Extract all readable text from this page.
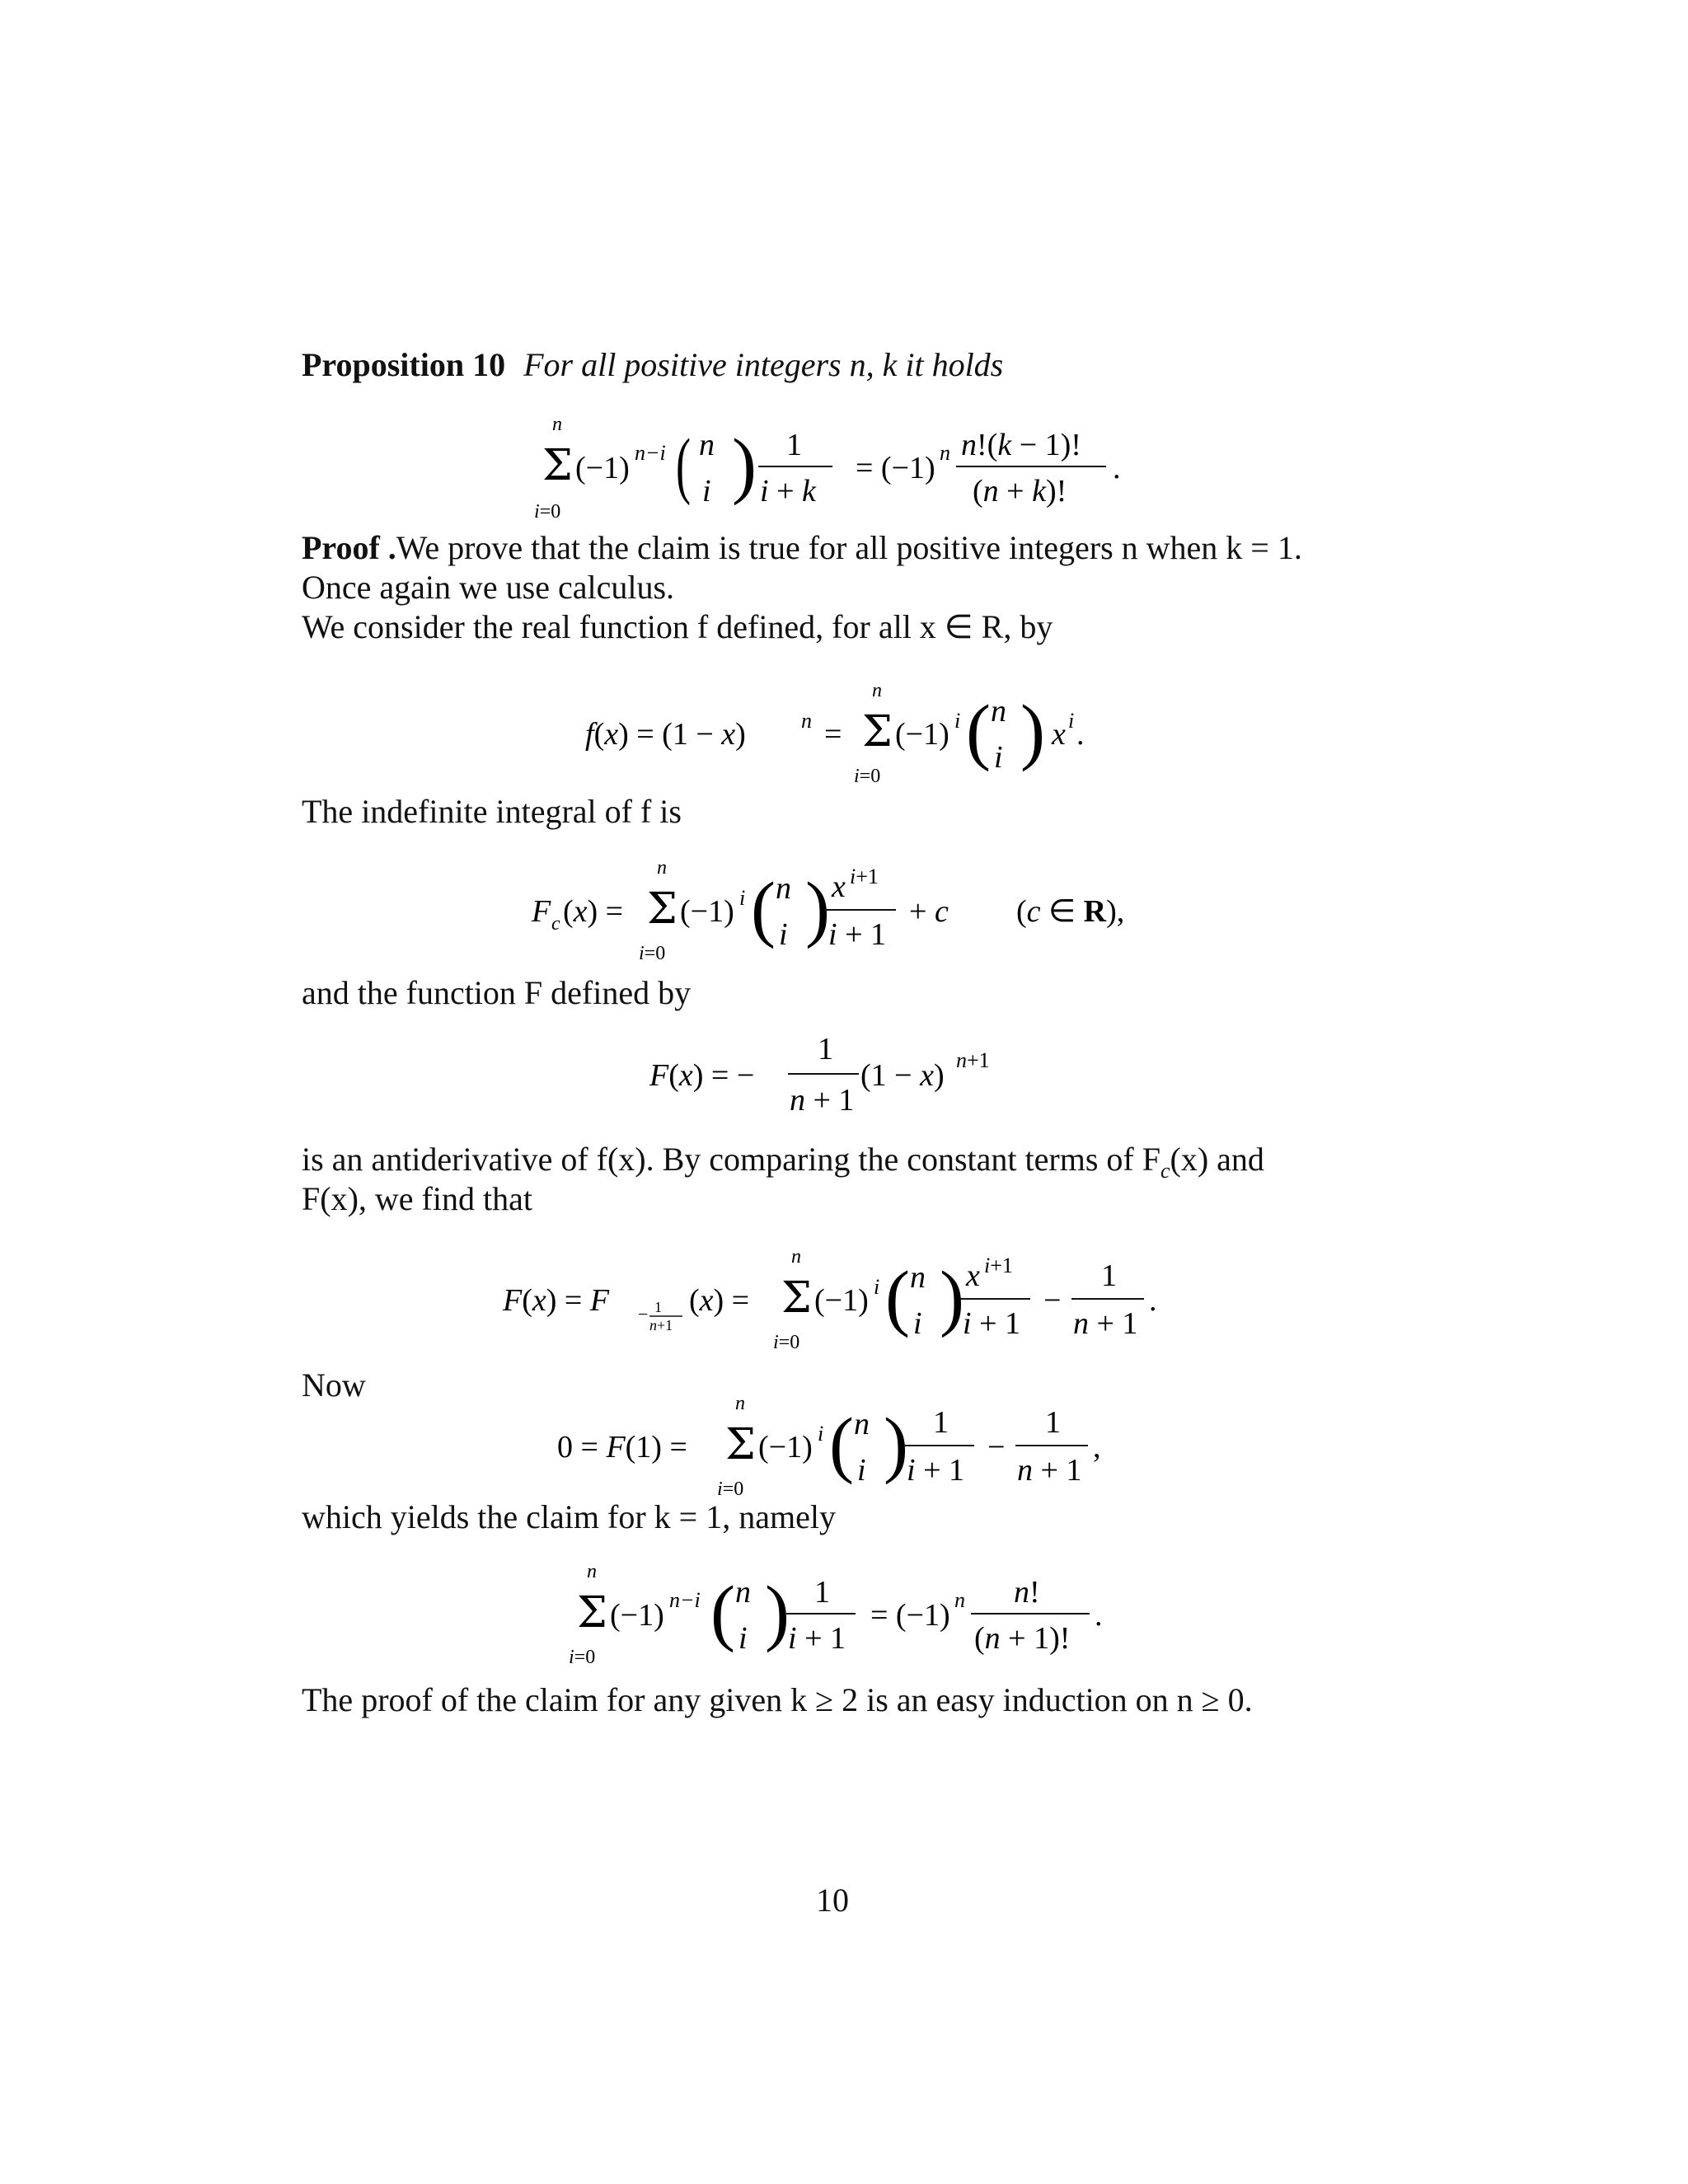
Proposition 10 For all positive integers n, k it holds
n
Σ
i=0
(−1) n−i ( n
i ) 1
i + k
= (−1) n n!(k − 1)!
(n + k)!
.
Proof .We prove that the claim is true for all positive integers n when k = 1.
Once again we use calculus.
We consider the real function f defined, for all x ∈ R, by
f(x) = (1 − x)	n =
n
Σ
i=0
(−1) i ( n
i ) x i .
The indefinite integral of f is
F c (x) =
n
Σ
i=0
(−1) i ( n
i ) x i+1
i + 1
+ c (c ∈ R),
and the function F defined by
F(x) = −
1
n + 1
(1 − x) n+1
is an antiderivative of f(x). By comparing the constant terms of $F_c(x)$ and
F(x), we find that
F(x) = F − 1
n+1
(x) =
n
Σ
i=0
(−1) i ( n
i ) x i+1
i + 1
−
1
n + 1
.
Now
0 = F(1) =
n
Σ
i=0
(−1) i ( n
i ) 1
i + 1
−
1
n + 1
,
which yields the claim for k = 1, namely
n
Σ
i=0
(−1) n−i ( n
i ) 1
i + 1
= (−1) n n!
(n + 1)!
.
The proof of the claim for any given k ≥ 2 is an easy induction on n ≥ 0.
10
